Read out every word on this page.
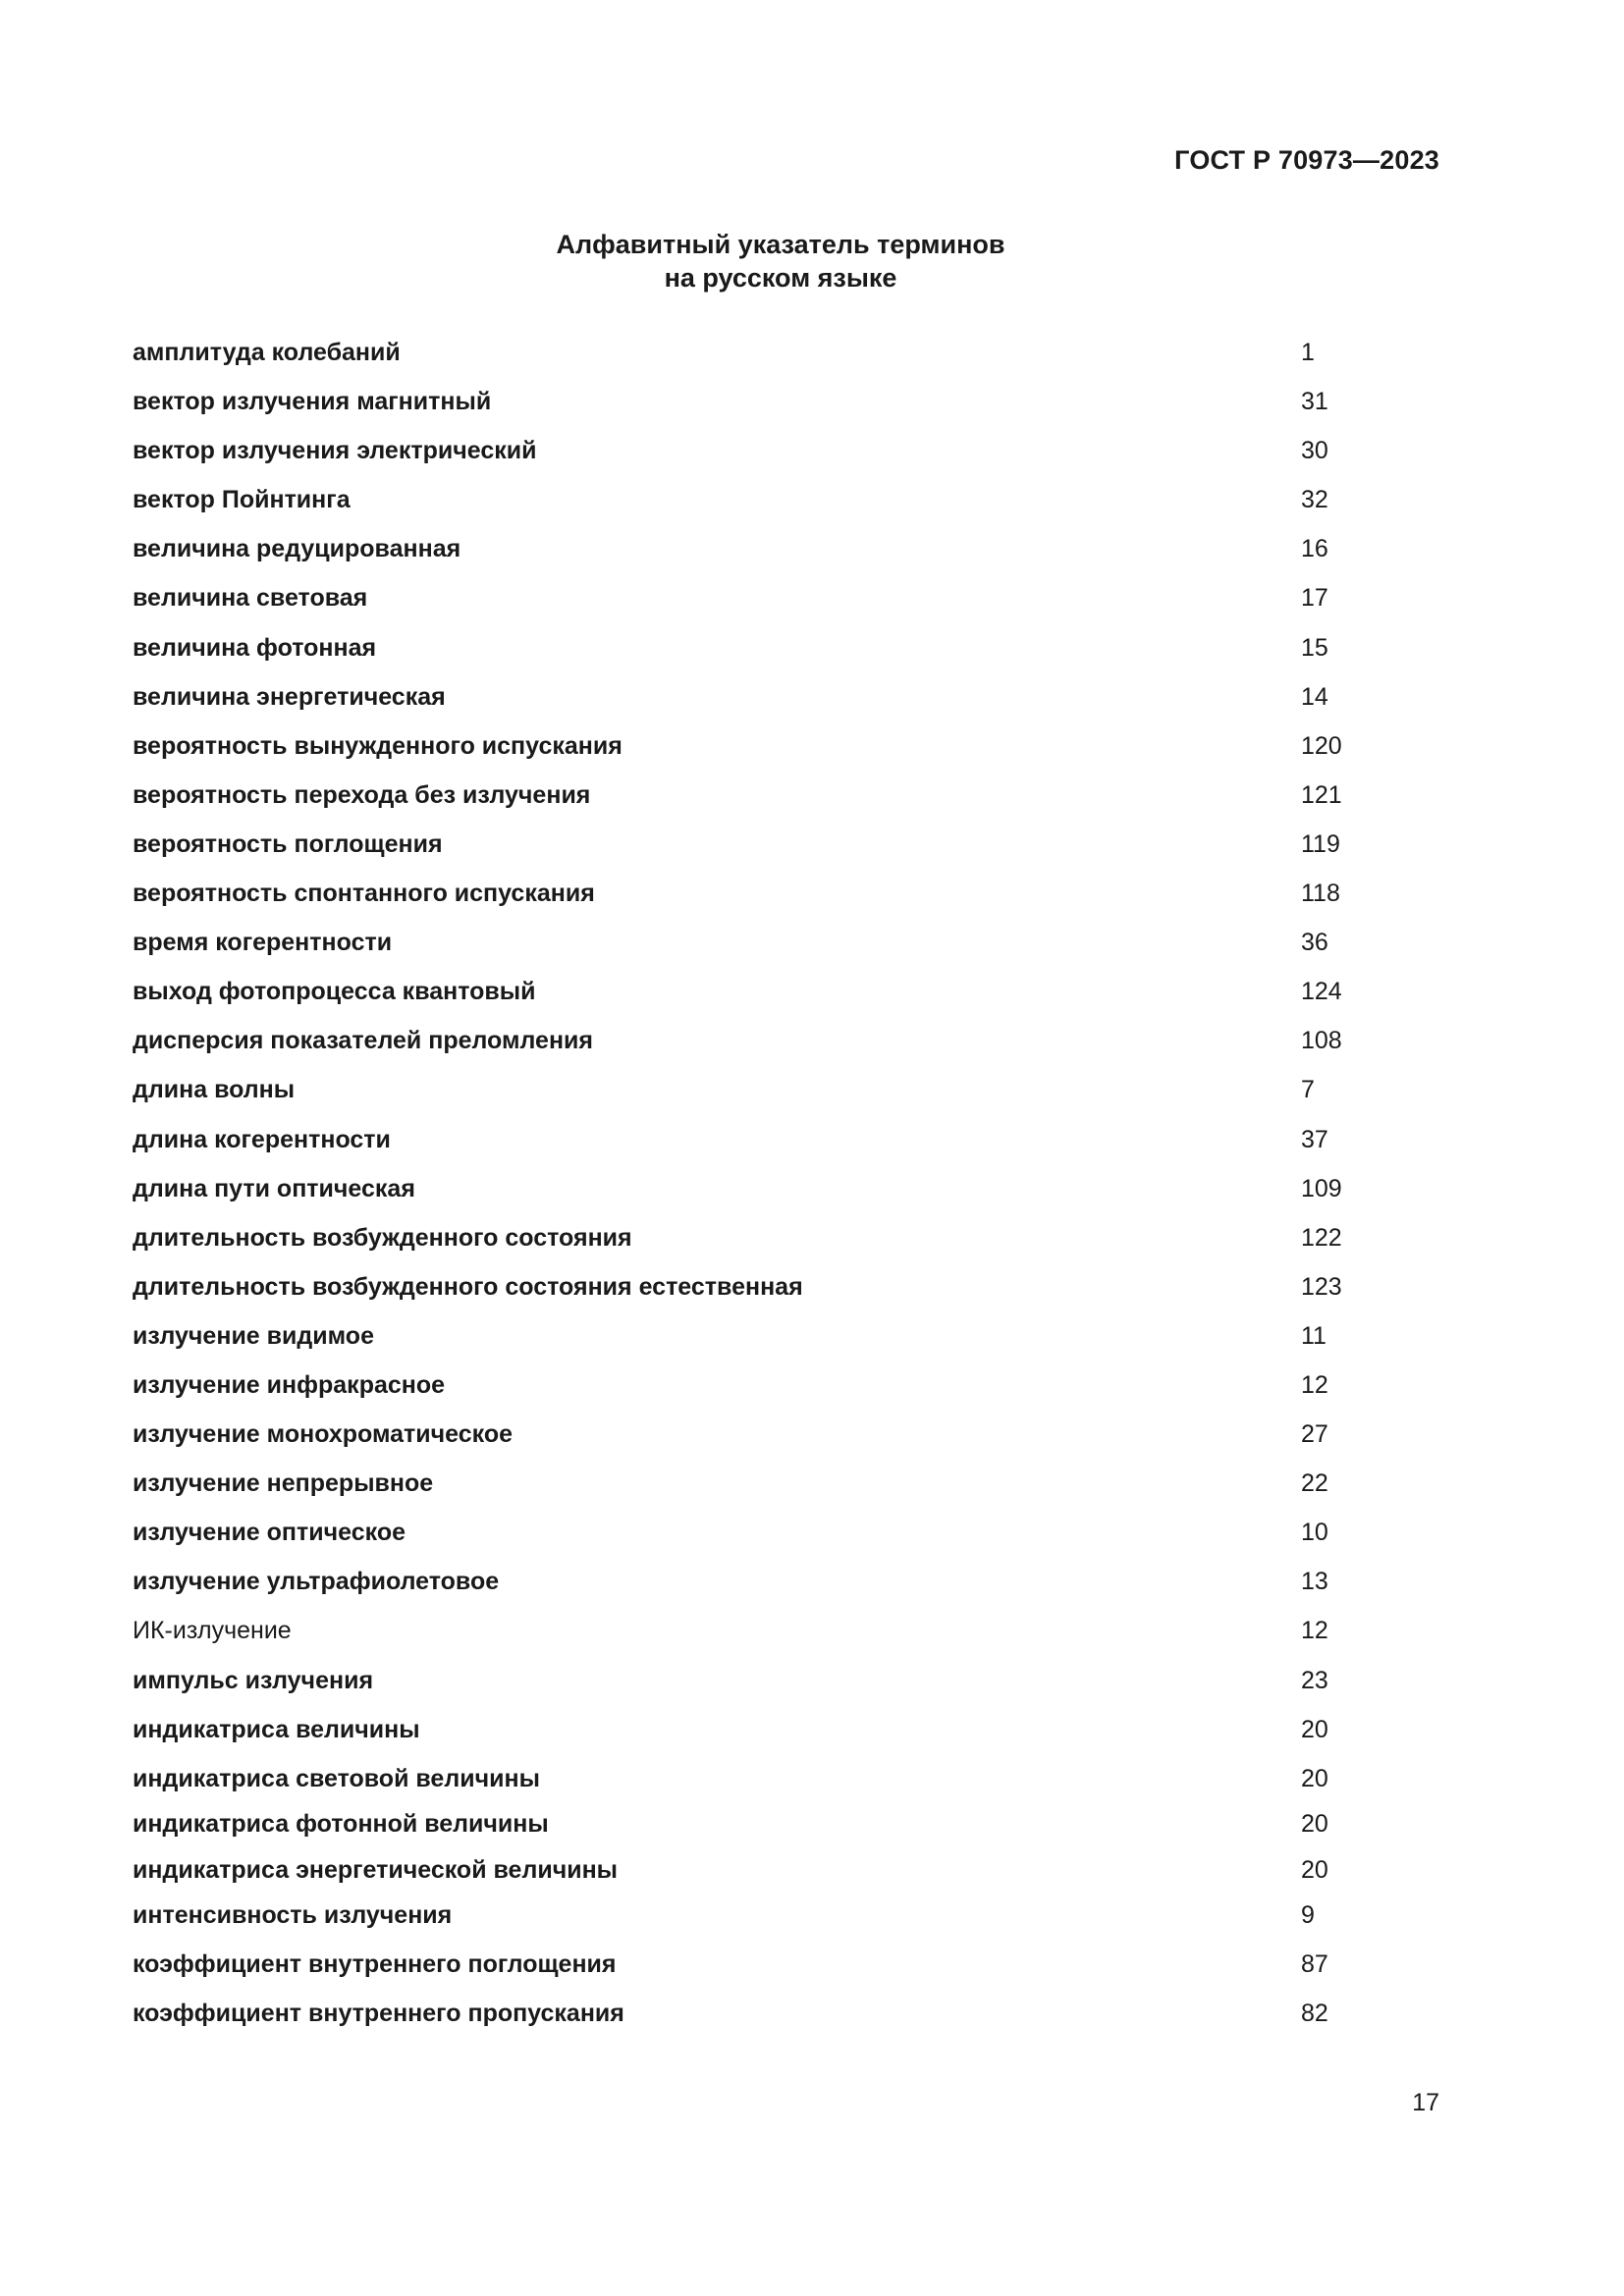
ГОСТ Р 70973—2023
Алфавитный указатель терминов
на русском языке
амплитуда колебаний	1
вектор излучения магнитный	31
вектор излучения электрический	30
вектор Пойнтинга	32
величина редуцированная	16
величина световая	17
величина фотонная	15
величина энергетическая	14
вероятность вынужденного испускания	120
вероятность перехода без излучения	121
вероятность поглощения	119
вероятность спонтанного испускания	118
время когерентности	36
выход фотопроцесса квантовый	124
дисперсия показателей преломления	108
длина волны	7
длина когерентности	37
длина пути оптическая	109
длительность возбужденного состояния	122
длительность возбужденного состояния естественная	123
излучение видимое	11
излучение инфракрасное	12
излучение монохроматическое	27
излучение непрерывное	22
излучение оптическое	10
излучение ультрафиолетовое	13
ИК-излучение	12
импульс излучения	23
индикатриса величины	20
индикатриса световой величины	20
индикатриса фотонной величины	20
индикатриса энергетической величины	20
интенсивность излучения	9
коэффициент внутреннего поглощения	87
коэффициент внутреннего пропускания	82
17
